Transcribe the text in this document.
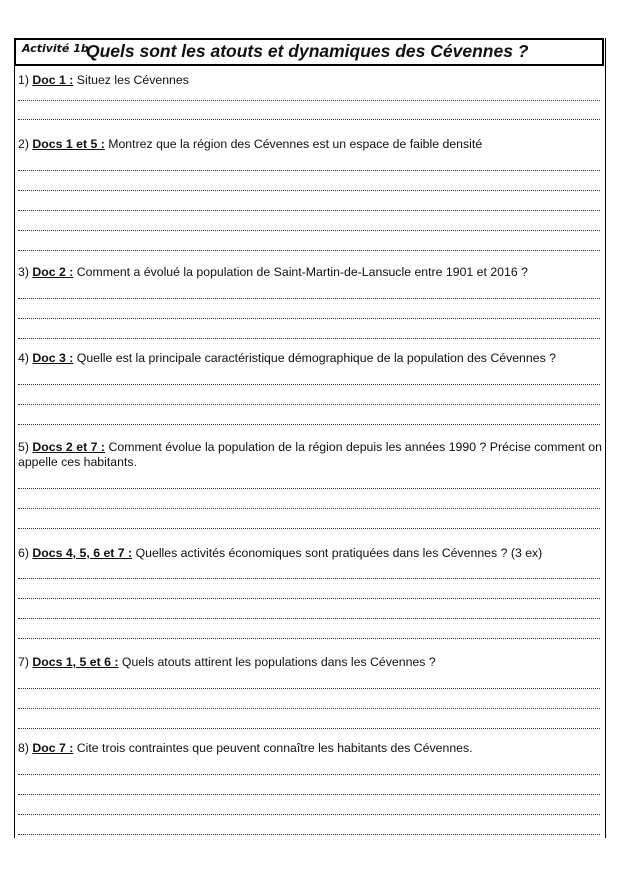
Activité 1b
Quels sont les atouts et dynamiques des Cévennes ?
1) Doc 1 : Situez les Cévennes
2) Docs 1 et 5 : Montrez que la région des Cévennes est un espace de faible densité
3) Doc 2 : Comment a évolué la population de Saint-Martin-de-Lansucle entre 1901 et 2016 ?
4) Doc 3 : Quelle est la principale caractéristique démographique de la population des Cévennes ?
5) Docs 2 et 7 : Comment évolue la population de la région depuis les années 1990 ? Précise comment on appelle ces habitants.
6) Docs 4, 5, 6 et 7 : Quelles activités économiques sont pratiquées dans les Cévennes ? (3 ex)
7) Docs 1, 5 et 6 : Quels atouts attirent les populations dans les Cévennes ?
8) Doc 7 : Cite trois contraintes que peuvent connaître les habitants des Cévennes.
